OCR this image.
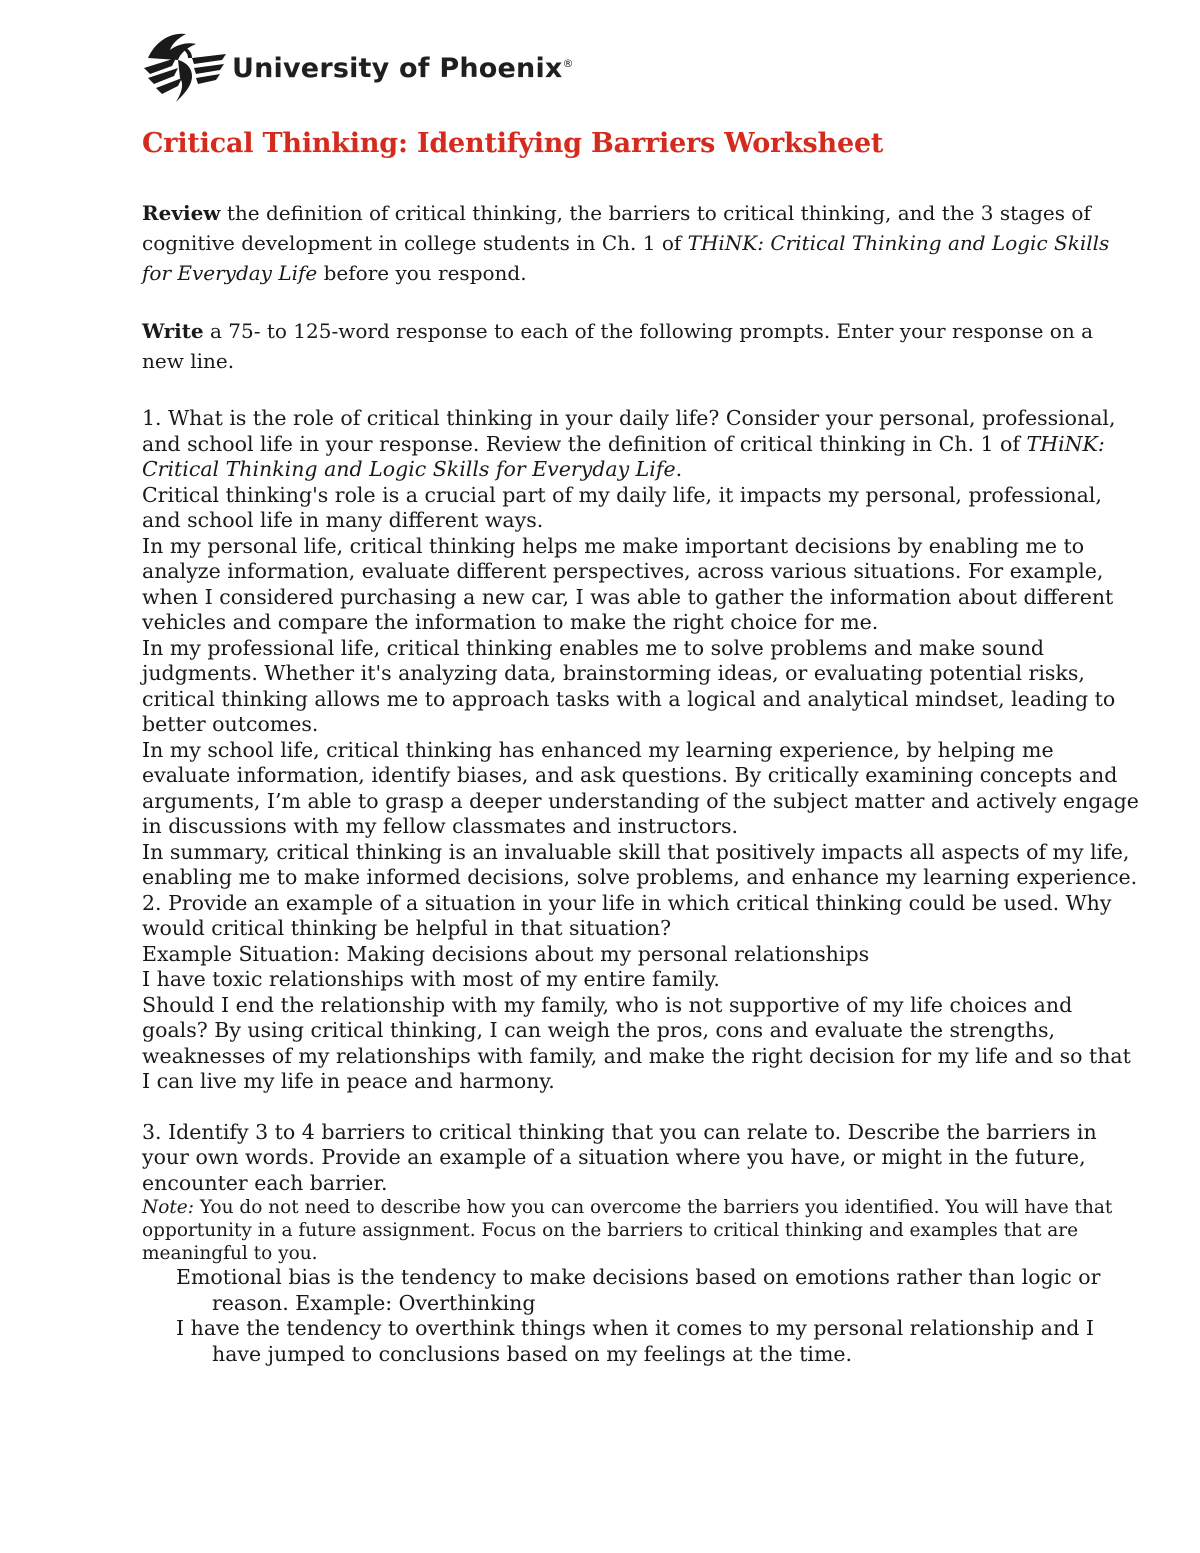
University of Phoenix®
Critical Thinking: Identifying Barriers Worksheet

Review the definition of critical thinking, the barriers to critical thinking, and the 3 stages of cognitive development in college students in Ch. 1 of THiNK: Critical Thinking and Logic Skills for Everyday Life before you respond.

Write a 75- to 125-word response to each of the following prompts. Enter your response on a new line.

1. What is the role of critical thinking in your daily life? Consider your personal, professional, and school life in your response. Review the definition of critical thinking in Ch. 1 of THiNK: Critical Thinking and Logic Skills for Everyday Life.

Critical thinking's role is a crucial part of my daily life, it impacts my personal, professional, and school life in many different ways.

In my personal life, critical thinking helps me make important decisions by enabling me to analyze information, evaluate different perspectives, across various situations. For example, when I considered purchasing a new car, I was able to gather the information about different vehicles and compare the information to make the right choice for me.

In my professional life, critical thinking enables me to solve problems and make sound judgments. Whether it's analyzing data, brainstorming ideas, or evaluating potential risks, critical thinking allows me to approach tasks with a logical and analytical mindset, leading to better outcomes.

In my school life, critical thinking has enhanced my learning experience, by helping me evaluate information, identify biases, and ask questions. By critically examining concepts and arguments, I’m able to grasp a deeper understanding of the subject matter and actively engage in discussions with my fellow classmates and instructors.

In summary, critical thinking is an invaluable skill that positively impacts all aspects of my life, enabling me to make informed decisions, solve problems, and enhance my learning experience.

2. Provide an example of a situation in your life in which critical thinking could be used. Why would critical thinking be helpful in that situation?

Example Situation: Making decisions about my personal relationships

I have toxic relationships with most of my entire family.

Should I end the relationship with my family, who is not supportive of my life choices and goals? By using critical thinking, I can weigh the pros, cons and evaluate the strengths, weaknesses of my relationships with family, and make the right decision for my life and so that I can live my life in peace and harmony.

3. Identify 3 to 4 barriers to critical thinking that you can relate to. Describe the barriers in your own words. Provide an example of a situation where you have, or might in the future, encounter each barrier.

Note: You do not need to describe how you can overcome the barriers you identified. You will have that opportunity in a future assignment. Focus on the barriers to critical thinking and examples that are meaningful to you.

Emotional bias is the tendency to make decisions based on emotions rather than logic or reason. Example: Overthinking

I have the tendency to overthink things when it comes to my personal relationship and I have jumped to conclusions based on my feelings at the time.
